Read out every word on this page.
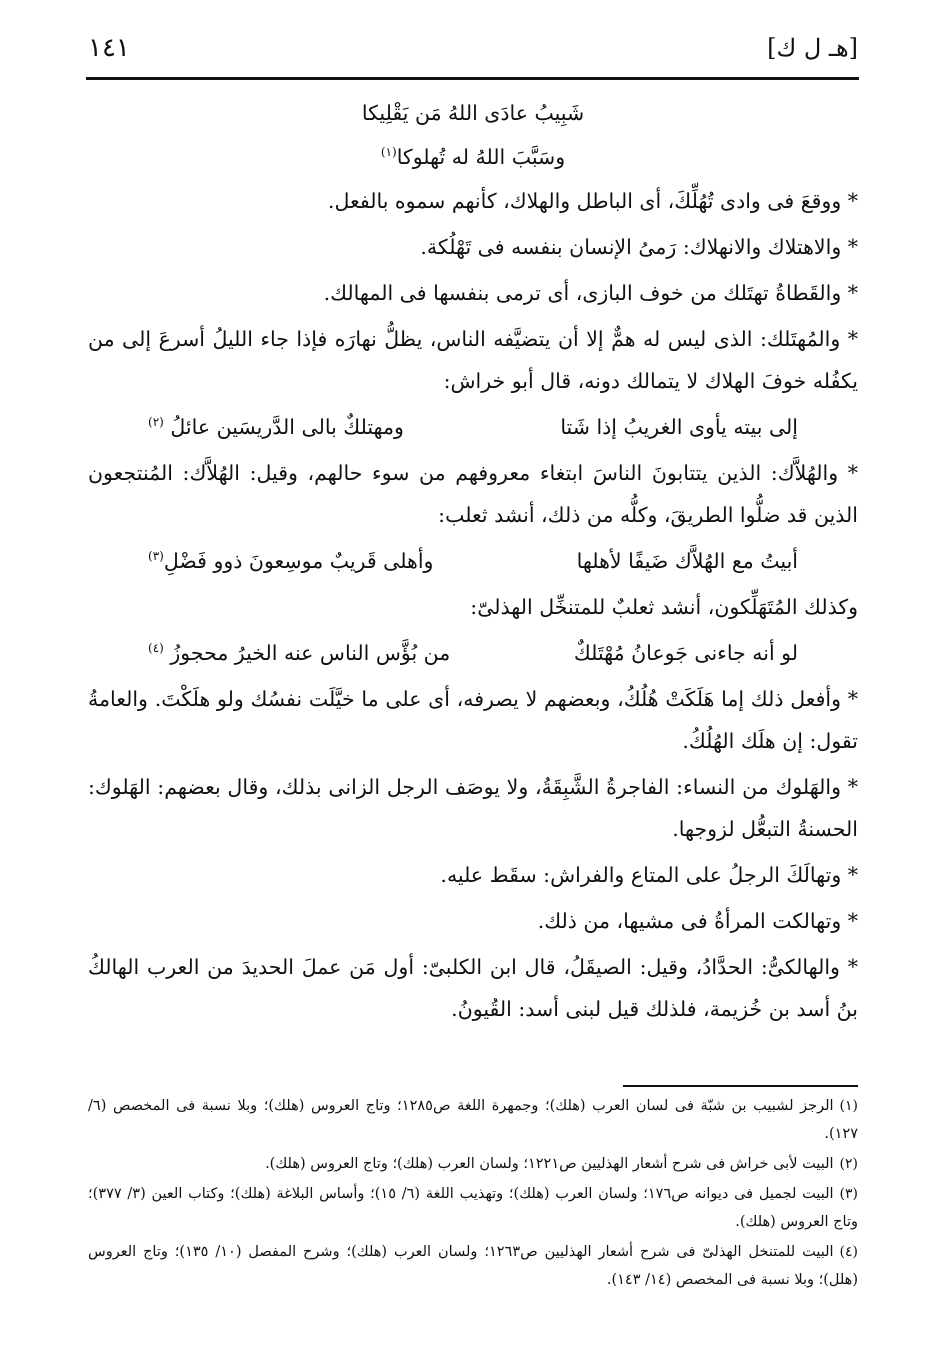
١٤١	[هـ ل ك]

شَبِيبُ عادَى اللهُ مَن يَقْلِيكا

وسَبَّبَ اللهُ له تُهلوكا$^{(١)}$

* ووقعَ فى وادى تُهُلِّكَ، أى الباطل والهلاك، كأنهم سموه بالفعل.

* والاهتلاك والانهلاك: رَمىُ الإنسان بنفسه فى تَهْلُكة.

* والقَطاةُ تهتَلك من خوف البازى، أى ترمى بنفسها فى المهالك.

* والمُهتَلك: الذى ليس له همٌّ إلا أن يتضيَّفه الناس، يظلُّ نهارَه فإذا جاء الليلُ أسرعَ إلى من يكفُله خوفَ الهلاك لا يتمالك دونه، قال أبو خراش:

إلى بيته يأوى الغريبُ إذا شَتا
ومهتلكٌ بالى الدَّريسَين عائلُ $^{(٢)}$

* والهُلاَّك: الذين يتتابونَ الناسَ ابتغاء معروفهم من سوء حالهم، وقيل: الهُلاَّك: المُنتجعون الذين قد ضلُّوا الطريقَ، وكلُّه من ذلك، أنشد ثعلب:

أبيتُ مع الهُلاَّك ضَيفًا لأهلها
وأهلى قَريبٌ موسِعونَ ذوو فَضْلِ$^{(٣)}$

وكذلك المُتَهَلِّكون، أنشد ثعلبٌ للمتنخِّل الهذلىّ:

لو أنه جاءنى جَوعانُ مُهْتَلكٌ
من بُؤَّس الناس عنه الخيرُ محجوزُ $^{(٤)}$

* وأفعل ذلك إما هَلَكَتْ هُلُكُ، وبعضهم لا يصرفه، أى على ما خيَّلَت نفسُك ولو هلَكْتَ. والعامةُ تقول: إن هلَك الهُلُكُ.

* والهَلوك من النساء: الفاجرةُ الشَّبِقَةُ، ولا يوصَف الرجل الزانى بذلك، وقال بعضهم: الهَلوك: الحسنةُ التبعُّل لزوجها.

* وتهالَكَ الرجلُ على المتاع والفراش: سقَط عليه.

* وتهالكت المرأةُ فى مشيها، من ذلك.

* والهالكىُّ: الحدَّادُ، وقيل: الصيقَلُ، قال ابن الكلبىّ: أول مَن عملَ الحديدَ من العرب الهالكُ بنُ أسد بن خُزيمة، فلذلك قيل لبنى أسد: القُيونُ.

(١)الرجز لشبيب بن شبّة فى لسان العرب (هلك)؛ وجمهرة اللغة ص١٢٨٥؛ وتاج العروس (هلك)؛ وبلا نسبة فى المخصص (٦/ ١٢٧).

(٢)البيت لأبى خراش فى شرح أشعار الهذليين ص١٢٢١؛ ولسان العرب (هلك)؛ وتاج العروس (هلك).

(٣)البيت لجميل فى ديوانه ص١٧٦؛ ولسان العرب (هلك)؛ وتهذيب اللغة (٦/ ١٥)؛ وأساس البلاغة (هلك)؛ وكتاب العين (٣/ ٣٧٧)؛ وتاج العروس (هلك).

(٤)البيت للمتنخل الهذلىّ فى شرح أشعار الهذليين ص١٢٦٣؛ ولسان العرب (هلك)؛ وشرح المفصل (١٠/ ١٣٥)؛ وتاج العروس (هلل)؛ وبلا نسبة فى المخصص (١٤/ ١٤٣).
